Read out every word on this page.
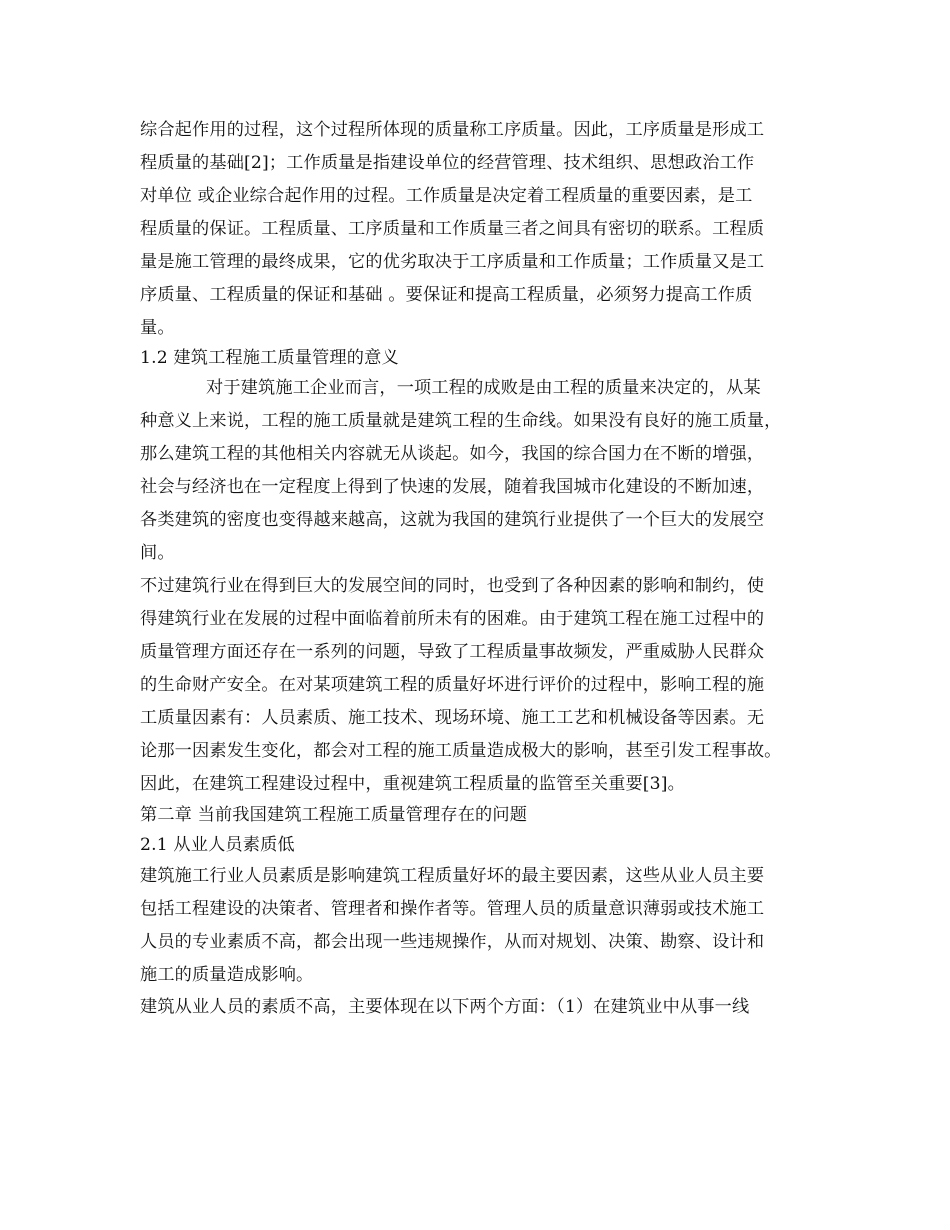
综合起作用的过程，这个过程所体现的质量称工序质量。因此，工序质量是形成工
程质量的基础[2]；工作质量是指建设单位的经营管理、技术组织、思想政治工作
对单位 或企业综合起作用的过程。工作质量是决定着工程质量的重要因素，是工
程质量的保证。工程质量、工序质量和工作质量三者之间具有密切的联系。工程质
量是施工管理的最终成果，它的优劣取决于工序质量和工作质量；工作质量又是工
序质量、工程质量的保证和基础 。要保证和提高工程质量，必须努力提高工作质
量。
1.2 建筑工程施工质量管理的意义
对于建筑施工企业而言，一项工程的成败是由工程的质量来决定的，从某
种意义上来说，工程的施工质量就是建筑工程的生命线。如果没有良好的施工质量，
那么建筑工程的其他相关内容就无从谈起。如今，我国的综合国力在不断的增强，
社会与经济也在一定程度上得到了快速的发展，随着我国城市化建设的不断加速，
各类建筑的密度也变得越来越高，这就为我国的建筑行业提供了一个巨大的发展空
间。
不过建筑行业在得到巨大的发展空间的同时，也受到了各种因素的影响和制约，使
得建筑行业在发展的过程中面临着前所未有的困难。由于建筑工程在施工过程中的
质量管理方面还存在一系列的问题，导致了工程质量事故频发，严重威胁人民群众
的生命财产安全。在对某项建筑工程的质量好坏进行评价的过程中，影响工程的施
工质量因素有：人员素质、施工技术、现场环境、施工工艺和机械设备等因素。无
论那一因素发生变化，都会对工程的施工质量造成极大的影响，甚至引发工程事故。
因此，在建筑工程建设过程中，重视建筑工程质量的监管至关重要[3]。
第二章 当前我国建筑工程施工质量管理存在的问题
2.1 从业人员素质低
建筑施工行业人员素质是影响建筑工程质量好坏的最主要因素，这些从业人员主要
包括工程建设的决策者、管理者和操作者等。管理人员的质量意识薄弱或技术施工
人员的专业素质不高，都会出现一些违规操作，从而对规划、决策、勘察、设计和
施工的质量造成影响。
建筑从业人员的素质不高，主要体现在以下两个方面：（1）在建筑业中从事一线
